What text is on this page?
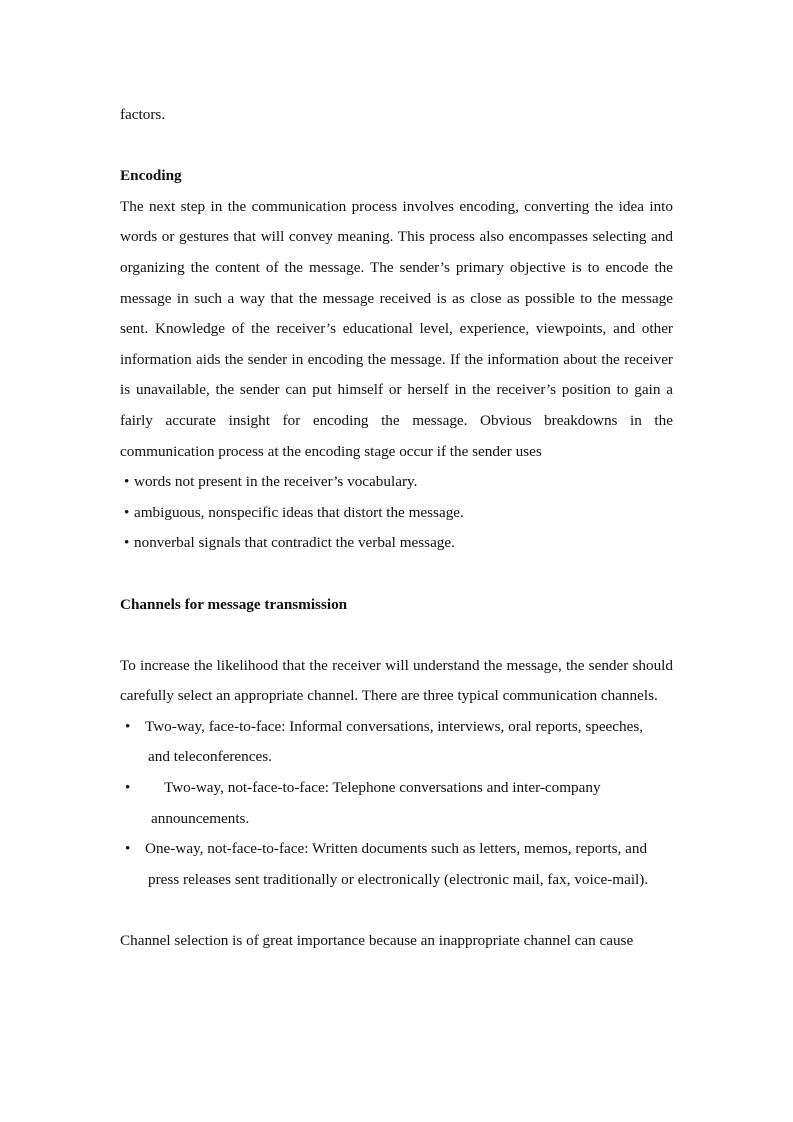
factors.

Encoding

The next step in the communication process involves encoding, converting the idea into words or gestures that will convey meaning. This process also encompasses selecting and organizing the content of the message. The sender’s primary objective is to encode the message in such a way that the message received is as close as possible to the message sent. Knowledge of the receiver’s educational level, experience, viewpoints, and other information aids the sender in encoding the message. If the information about the receiver is unavailable, the sender can put himself or herself in the receiver’s position to gain a fairly accurate insight for encoding the message. Obvious breakdowns in the communication process at the encoding stage occur if the sender uses

• words not present in the receiver’s vocabulary.
• ambiguous, nonspecific ideas that distort the message.
• nonverbal signals that contradict the verbal message.

Channels for message transmission

To increase the likelihood that the receiver will understand the message, the sender should carefully select an appropriate channel. There are three typical communication channels.

• Two-way, face-to-face: Informal conversations, interviews, oral reports, speeches,
and teleconferences.
• Two-way, not-face-to-face: Telephone conversations and inter-company
announcements.
• One-way, not-face-to-face: Written documents such as letters, memos, reports, and
press releases sent traditionally or electronically (electronic mail, fax, voice-mail).

Channel selection is of great importance because an inappropriate channel can cause
